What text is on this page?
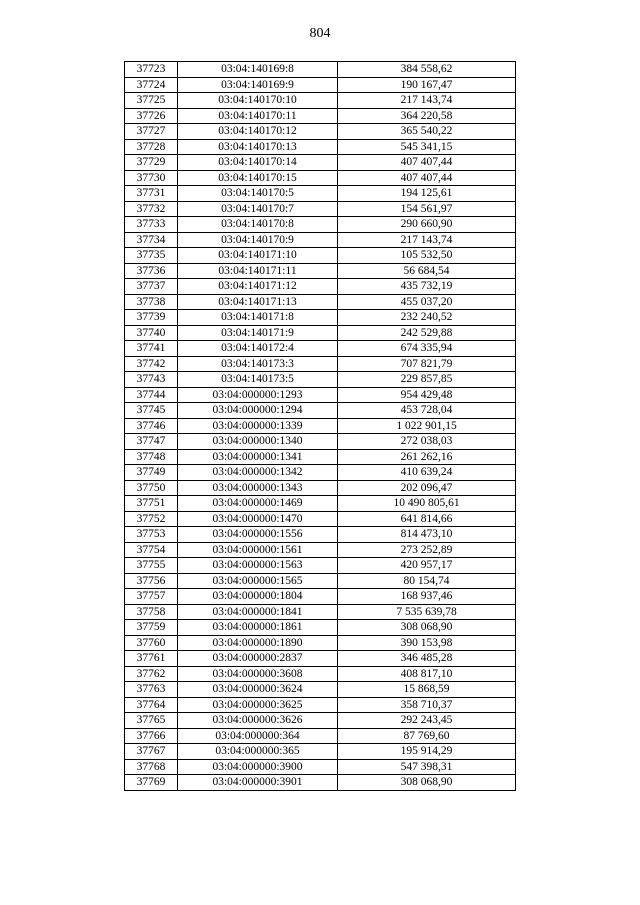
804
37723	03:04:140169:8	384 558,62
37724	03:04:140169:9	190 167,47
37725	03:04:140170:10	217 143,74
37726	03:04:140170:11	364 220,58
37727	03:04:140170:12	365 540,22
37728	03:04:140170:13	545 341,15
37729	03:04:140170:14	407 407,44
37730	03:04:140170:15	407 407,44
37731	03:04:140170:5	194 125,61
37732	03:04:140170:7	154 561,97
37733	03:04:140170:8	290 660,90
37734	03:04:140170:9	217 143,74
37735	03:04:140171:10	105 532,50
37736	03:04:140171:11	56 684,54
37737	03:04:140171:12	435 732,19
37738	03:04:140171:13	455 037,20
37739	03:04:140171:8	232 240,52
37740	03:04:140171:9	242 529,88
37741	03:04:140172:4	674 335,94
37742	03:04:140173:3	707 821,79
37743	03:04:140173:5	229 857,85
37744	03:04:000000:1293	954 429,48
37745	03:04:000000:1294	453 728,04
37746	03:04:000000:1339	1 022 901,15
37747	03:04:000000:1340	272 038,03
37748	03:04:000000:1341	261 262,16
37749	03:04:000000:1342	410 639,24
37750	03:04:000000:1343	202 096,47
37751	03:04:000000:1469	10 490 805,61
37752	03:04:000000:1470	641 814,66
37753	03:04:000000:1556	814 473,10
37754	03:04:000000:1561	273 252,89
37755	03:04:000000:1563	420 957,17
37756	03:04:000000:1565	80 154,74
37757	03:04:000000:1804	168 937,46
37758	03:04:000000:1841	7 535 639,78
37759	03:04:000000:1861	308 068,90
37760	03:04:000000:1890	390 153,98
37761	03:04:000000:2837	346 485,28
37762	03:04:000000:3608	408 817,10
37763	03:04:000000:3624	15 868,59
37764	03:04:000000:3625	358 710,37
37765	03:04:000000:3626	292 243,45
37766	03:04:000000:364	87 769,60
37767	03:04:000000:365	195 914,29
37768	03:04:000000:3900	547 398,31
37769	03:04:000000:3901	308 068,90
